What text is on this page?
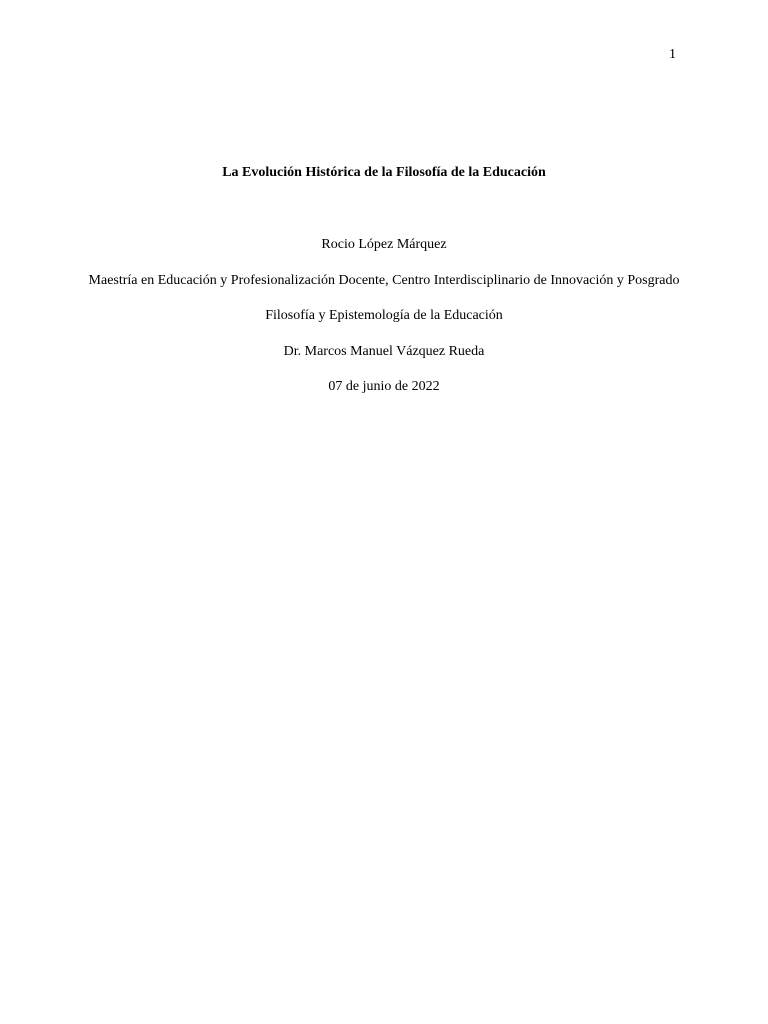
1
La Evolución Histórica de la Filosofía de la Educación
Rocio López Márquez
Maestría en Educación y Profesionalización Docente, Centro Interdisciplinario de Innovación y Posgrado
Filosofía y Epistemología de la Educación
Dr. Marcos Manuel Vázquez Rueda
07 de junio de 2022
